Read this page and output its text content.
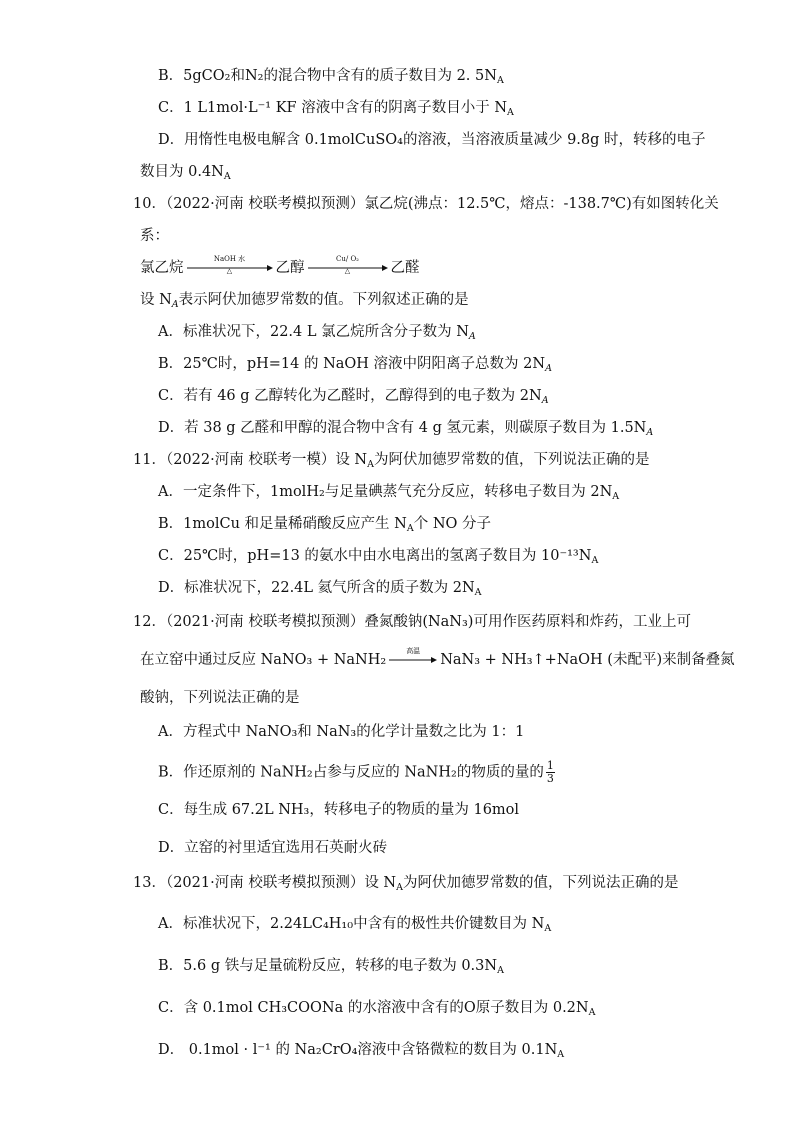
B．5gCO₂和N₂的混合物中含有的质子数目为 2. $5N_A$
C．1 L1mol·L⁻¹ KF 溶液中含有的阴离子数目小于 $N_A$
D．用惰性电极电解含 0.1molCuSO₄的溶液，当溶液质量减少 9.8g 时，转移的电子
数目为 $0.4N_A$
10．（2022·河南 校联考模拟预测）氯乙烷(沸点：12.5℃，熔点：-138.7℃)有如图转化关
系：
氯乙烷
NaOH 水
△	乙醇
Cu/ O₂
△	乙醛
设 $N_A$表示阿伏加德罗常数的值。下列叙述正确的是
A．标准状况下，22.4 L 氯乙烷所含分子数为 $N_A$
B．25℃时，pH=14 的 NaOH 溶液中阴阳离子总数为 $2N_A$
C．若有 46 g 乙醇转化为乙醛时，乙醇得到的电子数为 $2N_A$
D．若 38 g 乙醛和甲醇的混合物中含有 4 g 氢元素，则碳原子数目为 $1.5N_A$
11．（2022·河南 校联考一模）设 $N_A$为阿伏加德罗常数的值，下列说法正确的是
A．一定条件下，1molH₂与足量碘蒸气充分反应，转移电子数目为 $2N_A$
B．1molCu 和足量稀硝酸反应产生 $N_A$个 NO 分子
C．25℃时，pH=13 的氨水中由水电离出的氢离子数目为 $10^{-13}N_A$
D．标准状况下，22.4L 氦气所含的质子数为 $2N_A$
12．（2021·河南 校联考模拟预测）叠氮酸钠(NaN₃)可用作医药原料和炸药，工业上可
在立窑中通过反应 NaNO₃ + NaNH₂
高温
NaN₃ + NH₃↑+NaOH (未配平)来制备叠氮
酸钠，下列说法正确的是
A．方程式中 NaNO₃和 NaN₃的化学计量数之比为 1：1
B．作还原剂的 NaNH₂占参与反应的 NaNH₂的物质的量的 $\frac{1}{3}$
C．每生成 67.2L NH₃，转移电子的物质的量为 16mol
D．立窑的衬里适宜选用石英耐火砖
13．（2021·河南 校联考模拟预测）设 $N_A$为阿伏加德罗常数的值，下列说法正确的是
A．标准状况下，2.24LC₄H₁₀中含有的极性共价键数目为 $N_A$
B．5.6 g 铁与足量硫粉反应，转移的电子数为 $0.3N_A$
C．含 0.1mol CH₃COONa 的水溶液中含有的O原子数目为 $0.2N_A$
D． 0.1mol · l⁻¹ 的 Na₂CrO₄溶液中含铬微粒的数目为 $0.1N_A$
